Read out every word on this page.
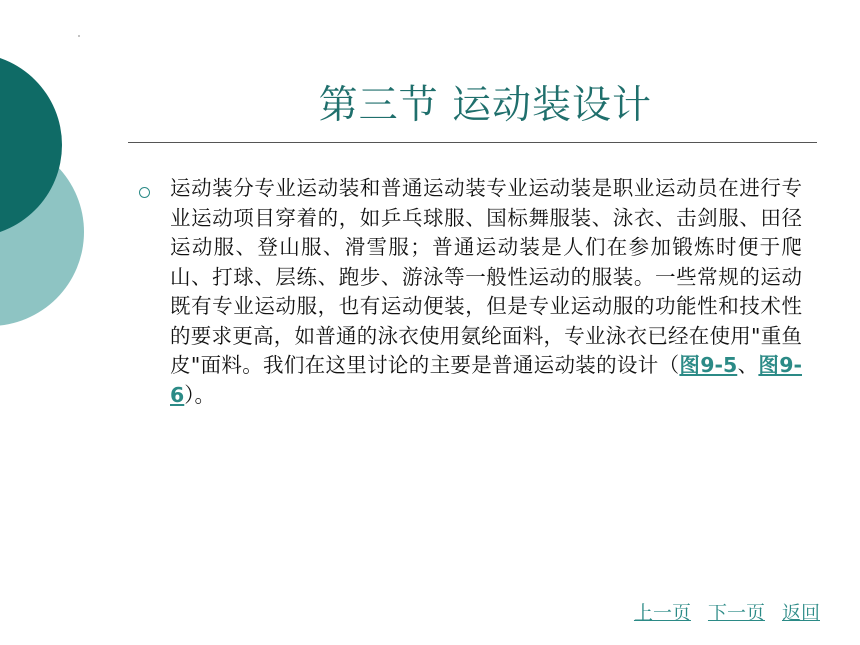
第三节 运动装设计
运动装分专业运动装和普通运动装专业运动装是职业运动员在进行专业运动项目穿着的，如乒乓球服、国标舞服装、泳衣、击剑服、田径运动服、登山服、滑雪服；普通运动装是人们在参加锻炼时便于爬山、打球、层练、跑步、游泳等一般性运动的服装。一些常规的运动既有专业运动服，也有运动便装，但是专业运动服的功能性和技术性的要求更高，如普通的泳衣使用氨纶面料，专业泳衣已经在使用"重鱼皮"面料。我们在这里讨论的主要是普通运动装的设计（图9-5、图9-6）。
上一页 下一页 返回
